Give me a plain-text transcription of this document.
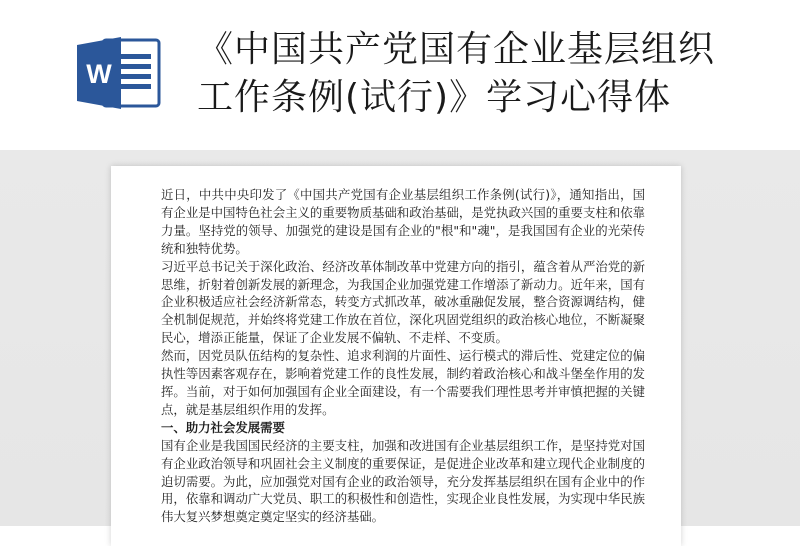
W
《中国共产党国有企业基层组织
工作条例(试行)》学习心得体

近日，中共中央印发了《中国共产党国有企业基层组织工作条例(试行)》，通知指出，国有企业是中国特色社会主义的重要物质基础和政治基础，是党执政兴国的重要支柱和依靠力量。坚持党的领导、加强党的建设是国有企业的"根"和"魂"，是我国国有企业的光荣传统和独特优势。

习近平总书记关于深化政治、经济改革体制改革中党建方向的指引，蕴含着从严治党的新思维，折射着创新发展的新理念，为我国企业加强党建工作增添了新动力。近年来，国有企业积极适应社会经济新常态，转变方式抓改革，破冰重融促发展，整合资源调结构，健全机制促规范，并始终将党建工作放在首位，深化巩固党组织的政治核心地位，不断凝聚民心，增添正能量，保证了企业发展不偏轨、不走样、不变质。

然而，因党员队伍结构的复杂性、追求利润的片面性、运行模式的滞后性、党建定位的偏执性等因素客观存在，影响着党建工作的良性发展，制约着政治核心和战斗堡垒作用的发挥。当前，对于如何加强国有企业全面建设，有一个需要我们理性思考并审慎把握的关键点，就是基层组织作用的发挥。

一、助力社会发展需要

国有企业是我国国民经济的主要支柱，加强和改进国有企业基层组织工作，是坚持党对国有企业政治领导和巩固社会主义制度的重要保证，是促进企业改革和建立现代企业制度的迫切需要。为此，应加强党对国有企业的政治领导，充分发挥基层组织在国有企业中的作用，依靠和调动广大党员、职工的积极性和创造性，实现企业良性发展，为实现中华民族伟大复兴梦想奠定奠定坚实的经济基础。
